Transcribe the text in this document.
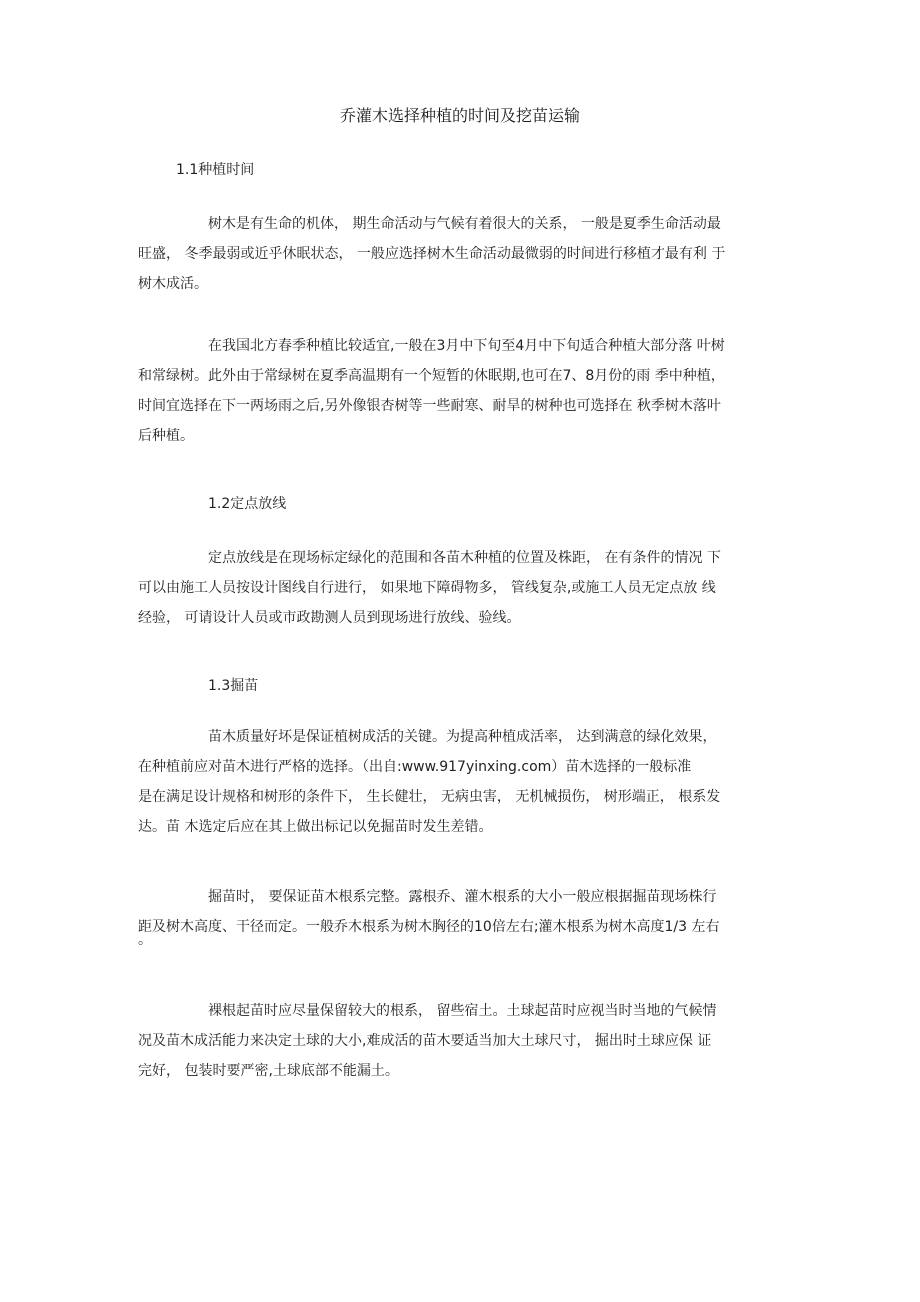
乔灌木选择种植的时间及挖苗运输
1.1种植时间
树木是有生命的机体， 期生命活动与气候有着很大的关系， 一般是夏季生命活动最
旺盛， 冬季最弱或近乎休眠状态， 一般应选择树木生命活动最微弱的时间进行移植才最有利 于
树木成活。
在我国北方春季种植比较适宜,一般在3月中下旬至4月中下旬适合种植大部分落 叶树
和常绿树。此外由于常绿树在夏季高温期有一个短暂的休眠期,也可在7、8月份的雨 季中种植，
时间宜选择在下一两场雨之后,另外像银杏树等一些耐寒、耐旱的树种也可选择在 秋季树木落叶
后种植。
1.2定点放线
定点放线是在现场标定绿化的范围和各苗木种植的位置及株距， 在有条件的情况 下
可以由施工人员按设计图线自行进行， 如果地下障碍物多， 管线复杂,或施工人员无定点放 线
经验， 可请设计人员或市政勘测人员到现场进行放线、验线。
1.3掘苗
苗木质量好坏是保证植树成活的关键。为提高种植成活率， 达到满意的绿化效果，
在种植前应对苗木进行严格的选择。（出自:www.917yinxing.com）苗木选择的一般标准
是在满足设计规格和树形的条件下， 生长健壮， 无病虫害， 无机械损伤， 树形端正， 根系发
达。苗 木选定后应在其上做出标记以免掘苗时发生差错。
掘苗时， 要保证苗木根系完整。露根乔、灌木根系的大小一般应根据掘苗现场株行
距及树木高度、干径而定。一般乔木根系为树木胸径的10倍左右;灌木根系为树木高度1/3 左右
。
裸根起苗时应尽量保留较大的根系， 留些宿土。土球起苗时应视当时当地的气候情
况及苗木成活能力来决定土球的大小,难成活的苗木要适当加大土球尺寸， 掘出时土球应保 证
完好， 包装时要严密,土球底部不能漏土。
